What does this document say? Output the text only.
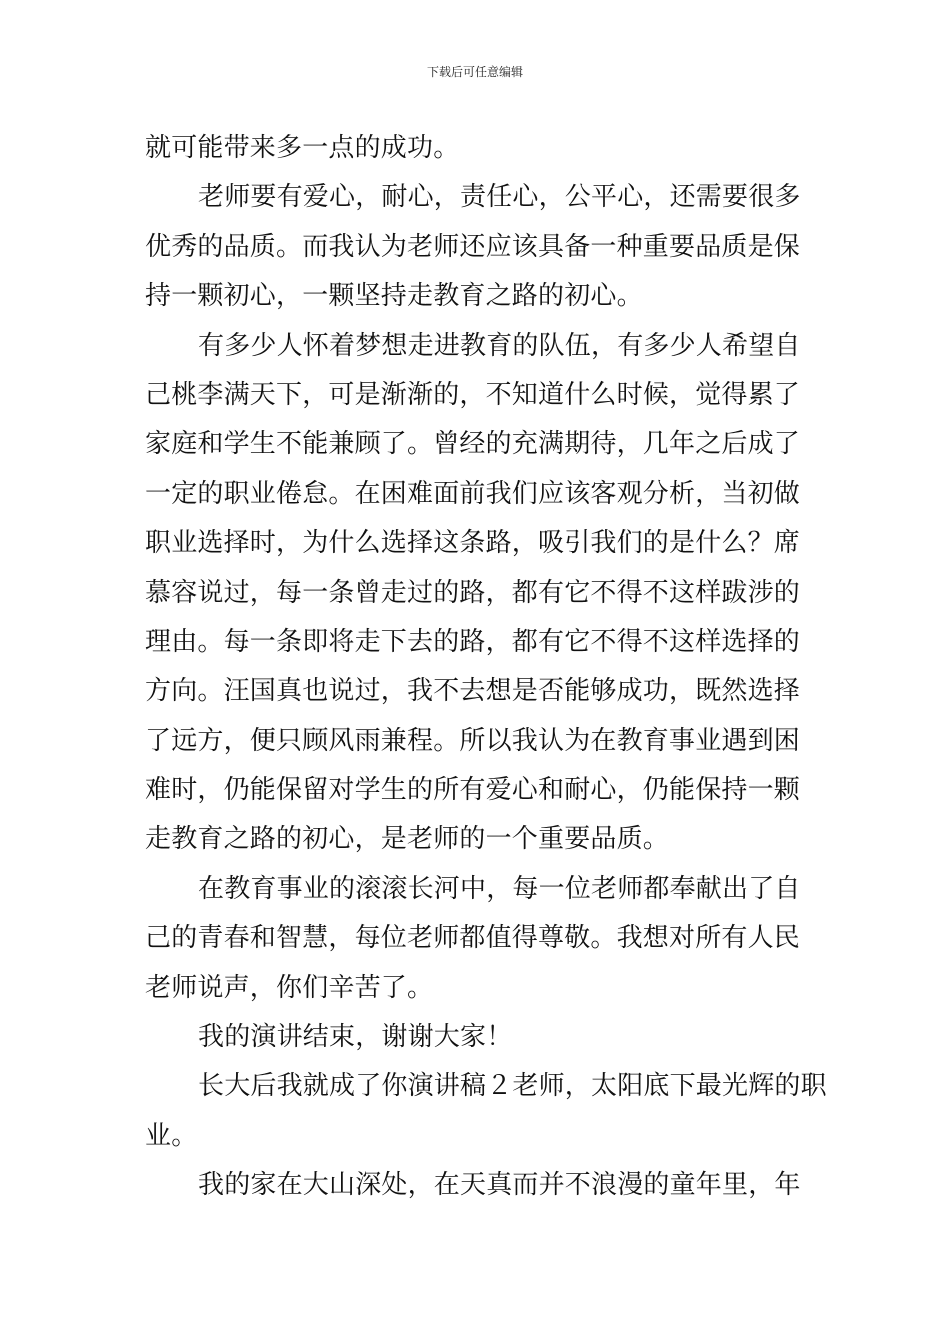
下载后可任意编辑
就可能带来多一点的成功。
老师要有爱心，耐心，责任心，公平心，还需要很多
优秀的品质。而我认为老师还应该具备一种重要品质是保
持一颗初心，一颗坚持走教育之路的初心。
有多少人怀着梦想走进教育的队伍，有多少人希望自
己桃李满天下，可是渐渐的，不知道什么时候，觉得累了
家庭和学生不能兼顾了。曾经的充满期待，几年之后成了
一定的职业倦怠。在困难面前我们应该客观分析，当初做
职业选择时，为什么选择这条路，吸引我们的是什么？席
慕容说过，每一条曾走过的路，都有它不得不这样跋涉的
理由。每一条即将走下去的路，都有它不得不这样选择的
方向。汪国真也说过，我不去想是否能够成功，既然选择
了远方，便只顾风雨兼程。所以我认为在教育事业遇到困
难时，仍能保留对学生的所有爱心和耐心，仍能保持一颗
走教育之路的初心，是老师的一个重要品质。
在教育事业的滚滚长河中，每一位老师都奉献出了自
己的青春和智慧，每位老师都值得尊敬。我想对所有人民
老师说声，你们辛苦了。
我的演讲结束，谢谢大家！
长大后我就成了你演讲稿２老师，太阳底下最光辉的职
业。
我的家在大山深处，在天真而并不浪漫的童年里，年
